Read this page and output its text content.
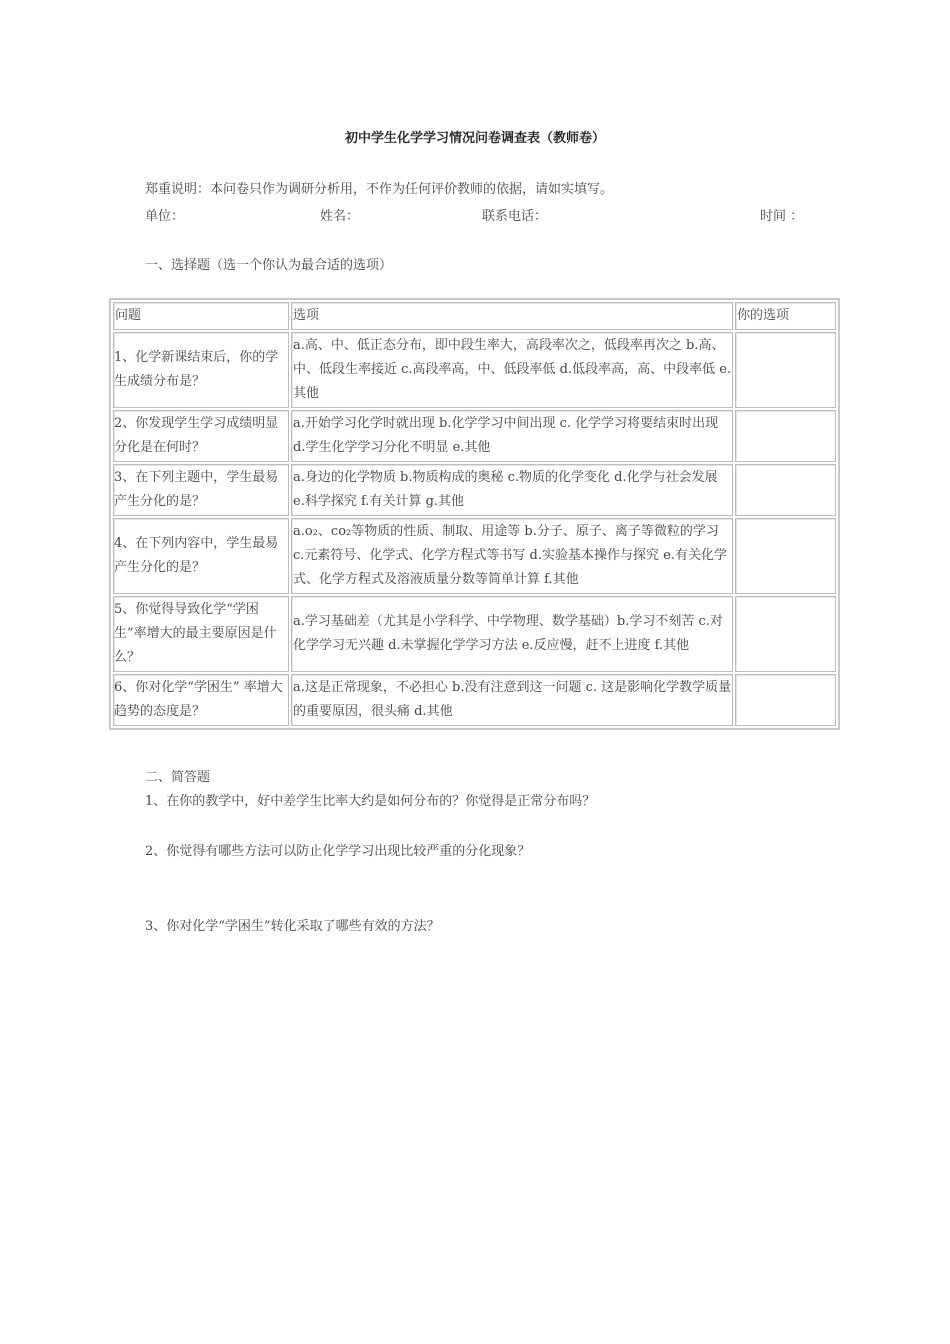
初中学生化学学习情况问卷调查表（教师卷）
郑重说明：本问卷只作为调研分析用，不作为任何评价教师的依据，请如实填写。
单位：	姓名：	联系电话：	时间 ：
一、选择题（选一个你认为最合适的选项）
问题	选项	你的选项
1、化学新课结束后，你的学生成绩分布是？	a.高、中、低正态分布，即中段生率大，高段率次之，低段率再次之 b.高、中、低段生率接近 c.高段率高，中、低段率低 d.低段率高，高、中段率低 e.其他	
2、你发现学生学习成绩明显分化是在何时？	a.开始学习化学时就出现 b.化学学习中间出现 c. 化学学习将要结束时出现 d.学生化学学习分化不明显 e.其他	
3、在下列主题中，学生最易产生分化的是？	a.身边的化学物质 b.物质构成的奥秘 c.物质的化学变化 d.化学与社会发展 e.科学探究 f.有关计算 g.其他	
4、在下列内容中，学生最易产生分化的是？	a.o₂、co₂等物质的性质、制取、用途等 b.分子、原子、离子等微粒的学习 c.元素符号、化学式、化学方程式等书写 d.实验基本操作与探究 e.有关化学式、化学方程式及溶液质量分数等简单计算 f.其他	
5、你觉得导致化学“学困生”率增大的最主要原因是什么？	a.学习基础差（尤其是小学科学、中学物理、数学基础）b.学习不刻苦 c.对化学学习无兴趣 d.未掌握化学学习方法 e.反应慢，赶不上进度 f.其他	
6、你对化学“学困生” 率增大趋势的态度是？	a.这是正常现象，不必担心 b.没有注意到这一问题 c. 这是影响化学教学质量的重要原因，很头痛 d.其他	
二、简答题
1、在你的教学中，好中差学生比率大约是如何分布的？你觉得是正常分布吗？
2、你觉得有哪些方法可以防止化学学习出现比较严重的分化现象？
3、你对化学“学困生”转化采取了哪些有效的方法？
